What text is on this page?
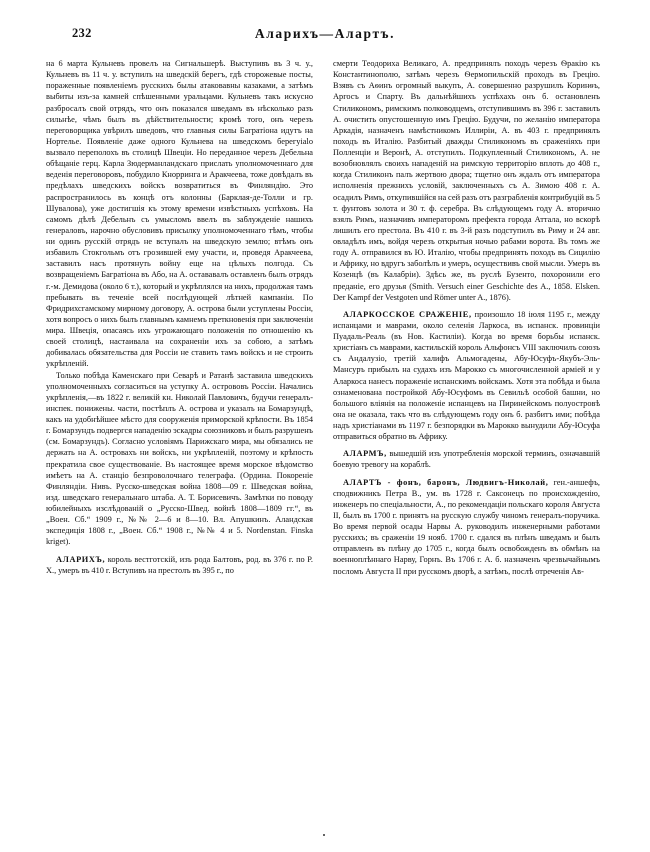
232	Аларихъ—Алартъ.

на 6 марта Кульневъ провелъ на Сигнальшерѣ. Выступивъ въ 3 ч. у., Кульневъ въ 11 ч. у. вступилъ на шведскій берегъ, гдѣ сторожевые посты, пораженные появленіемъ русскихъ былы атаковавны казаками, а затѣмъ выбиты изъ-за камней спѣшенными уральцами. Кульневъ такъ искусно разбросалъ свой отрядъ, что онъ показался шведамъ въ нѣсколько разъ сильнѣе, чѣмъ былъ въ дѣйствительности; кромѣ того, онъ черезъ переговорщика увѣрилъ шведовъ, что главныя силы Багратіона идутъ на Нортелье. Появленіе даже одного Кульнева на шведскомъ берегуialo вызвало переполохъ въ столицѣ Швеціи. Но переданное черезъ Дебельна обѣщаніе герц. Карла Зюдерманландскаго прислать уполномоченнаго для веденія переговоровъ, побудило Кнорринга и Аракчеева, тоже довѣдалъ въ предѣлахъ шведскихъ войскъ возвратиться въ Финляндію. Это распространилось въ концѣ отъ колонны (Барклая-де-Толли и гр. Шувалова), уже достигшія къ этому времени извѣстныхъ успѣховъ. На самомъ дѣлѣ Дебельнъ съ умысломъ ввелъ въ заблужденіе нашихъ генераловъ, нарочно обусловивъ присылку уполномоченнаго тѣмъ, чтобы ни одинъ русскій отрядъ не вступалъ на шведскую землю; втѣмъ онъ избавилъ Стокгольмъ отъ грозившей ему участи, и, проведя Аракчеева, заставилъ насъ протянуть войну еще на цѣлыхъ полгода. Съ возвращеніемъ Багратіона въ Або, на А. остававалъ оставленъ былъ отрядъ г.-м. Демидова (около 6 т.), который и укрѣплялся на нихъ, продолжая тамъ пребывать въ теченіе всей послѣдующей лѣтней кампаніи. По Фридрихсгамскому мирному договору, А. острова были уступлены Россіи, хотя вопросъ о нихъ былъ главнымъ камнемъ преткновенія при заключеніи мира. Швеція, опасаясь ихъ угрожающаго положенія по отношенію къ своей столицѣ, настаивала на сохраненіи ихъ за собою, а затѣмъ добивалась обязательства для Россіи не ставить тамъ войскъ и не строить укрѣпленій.

Только побѣда Каменскаго при Севарѣ и Ратанѣ заставила шведскихъ уполномоченныхъ согласиться на уступку А. острововъ Россіи. Начались укрѣпленія,—въ 1822 г. великій кн. Николай Павловичъ, будучи генералъ-инспек. понижены. части, постѣплъ А. острова и указалъ на Бомарзундѣ, какъ на удобнѣйшее мѣсто для сооруженія приморской крѣпости. Въ 1854 г. Бомарзундъ подвергся нападенію эскадры союзниковъ и былъ разрушенъ (см. Бомарзундъ). Согласно условіямъ Парижскаго мира, мы обязались не держать на А. островахъ ни войскъ, ни укрѣпленій, поэтому и крѣпость прекратила свое существованіе. Въ настоящее время морское вѣдомство имѣетъ на А. станціо безпроволочнаго телеграфа. (Ордина. Покореніе Финляндіи. Нивъ. Русско-шведская война 1808—09 г. Шведская война, изд. шведскаго генеральнаго штаба. А. Т. Борисевичъ. Замѣтки по поводу юбилейныхъ изслѣдованій о „Русско-Швед. войнѣ 1808—1809 гг.“, въ „Воен. Сб.“ 1909 г., №№ 2—6 и 8—10. Вл. Апушкинъ. Аландская экспедиція 1808 г., „Воен. Сб.“ 1908 г., №№ 4 и 5. Nordenstan. Finska kriget).

АЛАРИХЪ, король вестготскій, изъ рода Балтовъ, род. въ 376 г. по Р. Х., умеръ въ 410 г. Вступивъ на престолъ въ 395 г., по

смерти Теодориха Великаго, А. предпринялъ походъ черезъ Ѳракію къ Константинополю, затѣмъ черезъ Ѳермопильскій проходъ въ Грецію. Взявъ съ Аѳинъ огромный выкупъ, А. совершенно разрушилъ Коринѳъ, Аргосъ и Спарту. Въ дальнѣйшихъ успѣхахъ онъ б. остановленъ Стиликономъ, римскимъ полководцемъ, отступившимъ въ 396 г. заставилъ А. очистить опустошенную имъ Грецію. Будучи, по желанію императора Аркадія, назначенъ намѣстникомъ Иллиріи, А. въ 403 г. предпринялъ походъ въ Италію. Разбитый дважды Стиликономъ въ сраженіяхъ при Полленціи и Веронѣ, А. отступилъ. Подкупленный Стиликономъ, А. не возобновлялъ своихъ нападеній на римскую территорію вплоть до 408 г., когда Стиликонъ палъ жертвою двора; тщетно онъ ждалъ отъ императора исполненія прежнихъ условій, заключенныхъ съ А. Зимою 408 г. А. осадилъ Римъ, откупившійся на сей разъ отъ разграбленія контрибуцій въ 5 т. фунтовъ золота и 30 т. ф. серебра. Въ слѣдующемъ году А. вторично взялъ Римъ, назначивъ императоромъ префекта города Аттала, но вскорѣ лишилъ его престола. Въ 410 г. въ 3-й разъ подступилъ въ Риму и 24 авг. овладѣлъ имъ, войдя черезъ открытыя ночью рабами ворота. Въ томъ же году А. отправился въ Ю. Италію, чтобы предпринять походъ въ Сицилію и Африку, но вдругъ заболѣлъ и умеръ, осуществивъ свой мысли. Умеръ въ Козенцѣ (въ Калабріи). Здѣсь же, въ руслѣ Бузенто, похоронили его преданіе, его друзья (Smith. Versuch einer Geschichte des A., 1858. Elsken. Der Kampf der Vestgoten und Römer unter A., 1876).

АЛАРКОССКОЕ СРАЖЕНІЕ, произошло 18 іюля 1195 г., между испанцами и маврами, около селенія Ларкоса, въ испанск. провинціи Пуадаль-Реаль (въ Нов. Кастиліи). Когда во время борьбы испанск. христіанъ съ маврами, кастильскій король Альфонсъ VIII заключилъ союзъ съ Андалузіо, третій халифъ Альмогадены, Абу-Юсуфъ-Якубъ-Эль-Мансуръ прибылъ на судахъ изъ Марокко съ многочисленной арміей и у Аларкоса нанесъ пораженіе испанскимъ войскамъ. Хотя эта побѣда и была ознаменована постройкой Абу-Юсуфомъ въ Севильѣ особой башни, но большого вліянія на положеніе испанцевъ на Пиринейскомъ полуостровѣ она не оказала, такъ что въ слѣдующемъ году онъ б. разбитъ ими; побѣда надъ христіанами въ 1197 г. безпорядки въ Марокко вынудили Абу-Юсуфа отправиться обратно въ Африку.

АЛАРМЪ, вышедшій изъ употребленія морской терминъ, означавшій боевую тревогу на кораблѣ.

АЛАРТЪ - фонъ, баронъ, Людвигъ-Николай, ген.-аншефъ, сподвижникъ Петра В., ум. въ 1728 г. Саксонецъ по происхожденію, инженеръ по спеціальности, А., по рекомендаціи польскаго короля Августа II, былъ въ 1700 г. принятъ на русскую службу чиномъ генералъ-поручика. Во время первой осады Нарвы А. руководилъ инженерными работами русскихъ; въ сраженіи 19 нояб. 1700 г. сдался въ плѣнъ шведамъ и былъ отправленъ въ плѣну до 1705 г., когда былъ освобожденъ въ обмѣнъ на военноплѣннаго Нарву, Горнъ. Въ 1706 г. А. б. назначенъ чрезвычайнымъ посломъ Августа II при русскомъ дворѣ, а затѣмъ, послѣ отреченія Ав-
